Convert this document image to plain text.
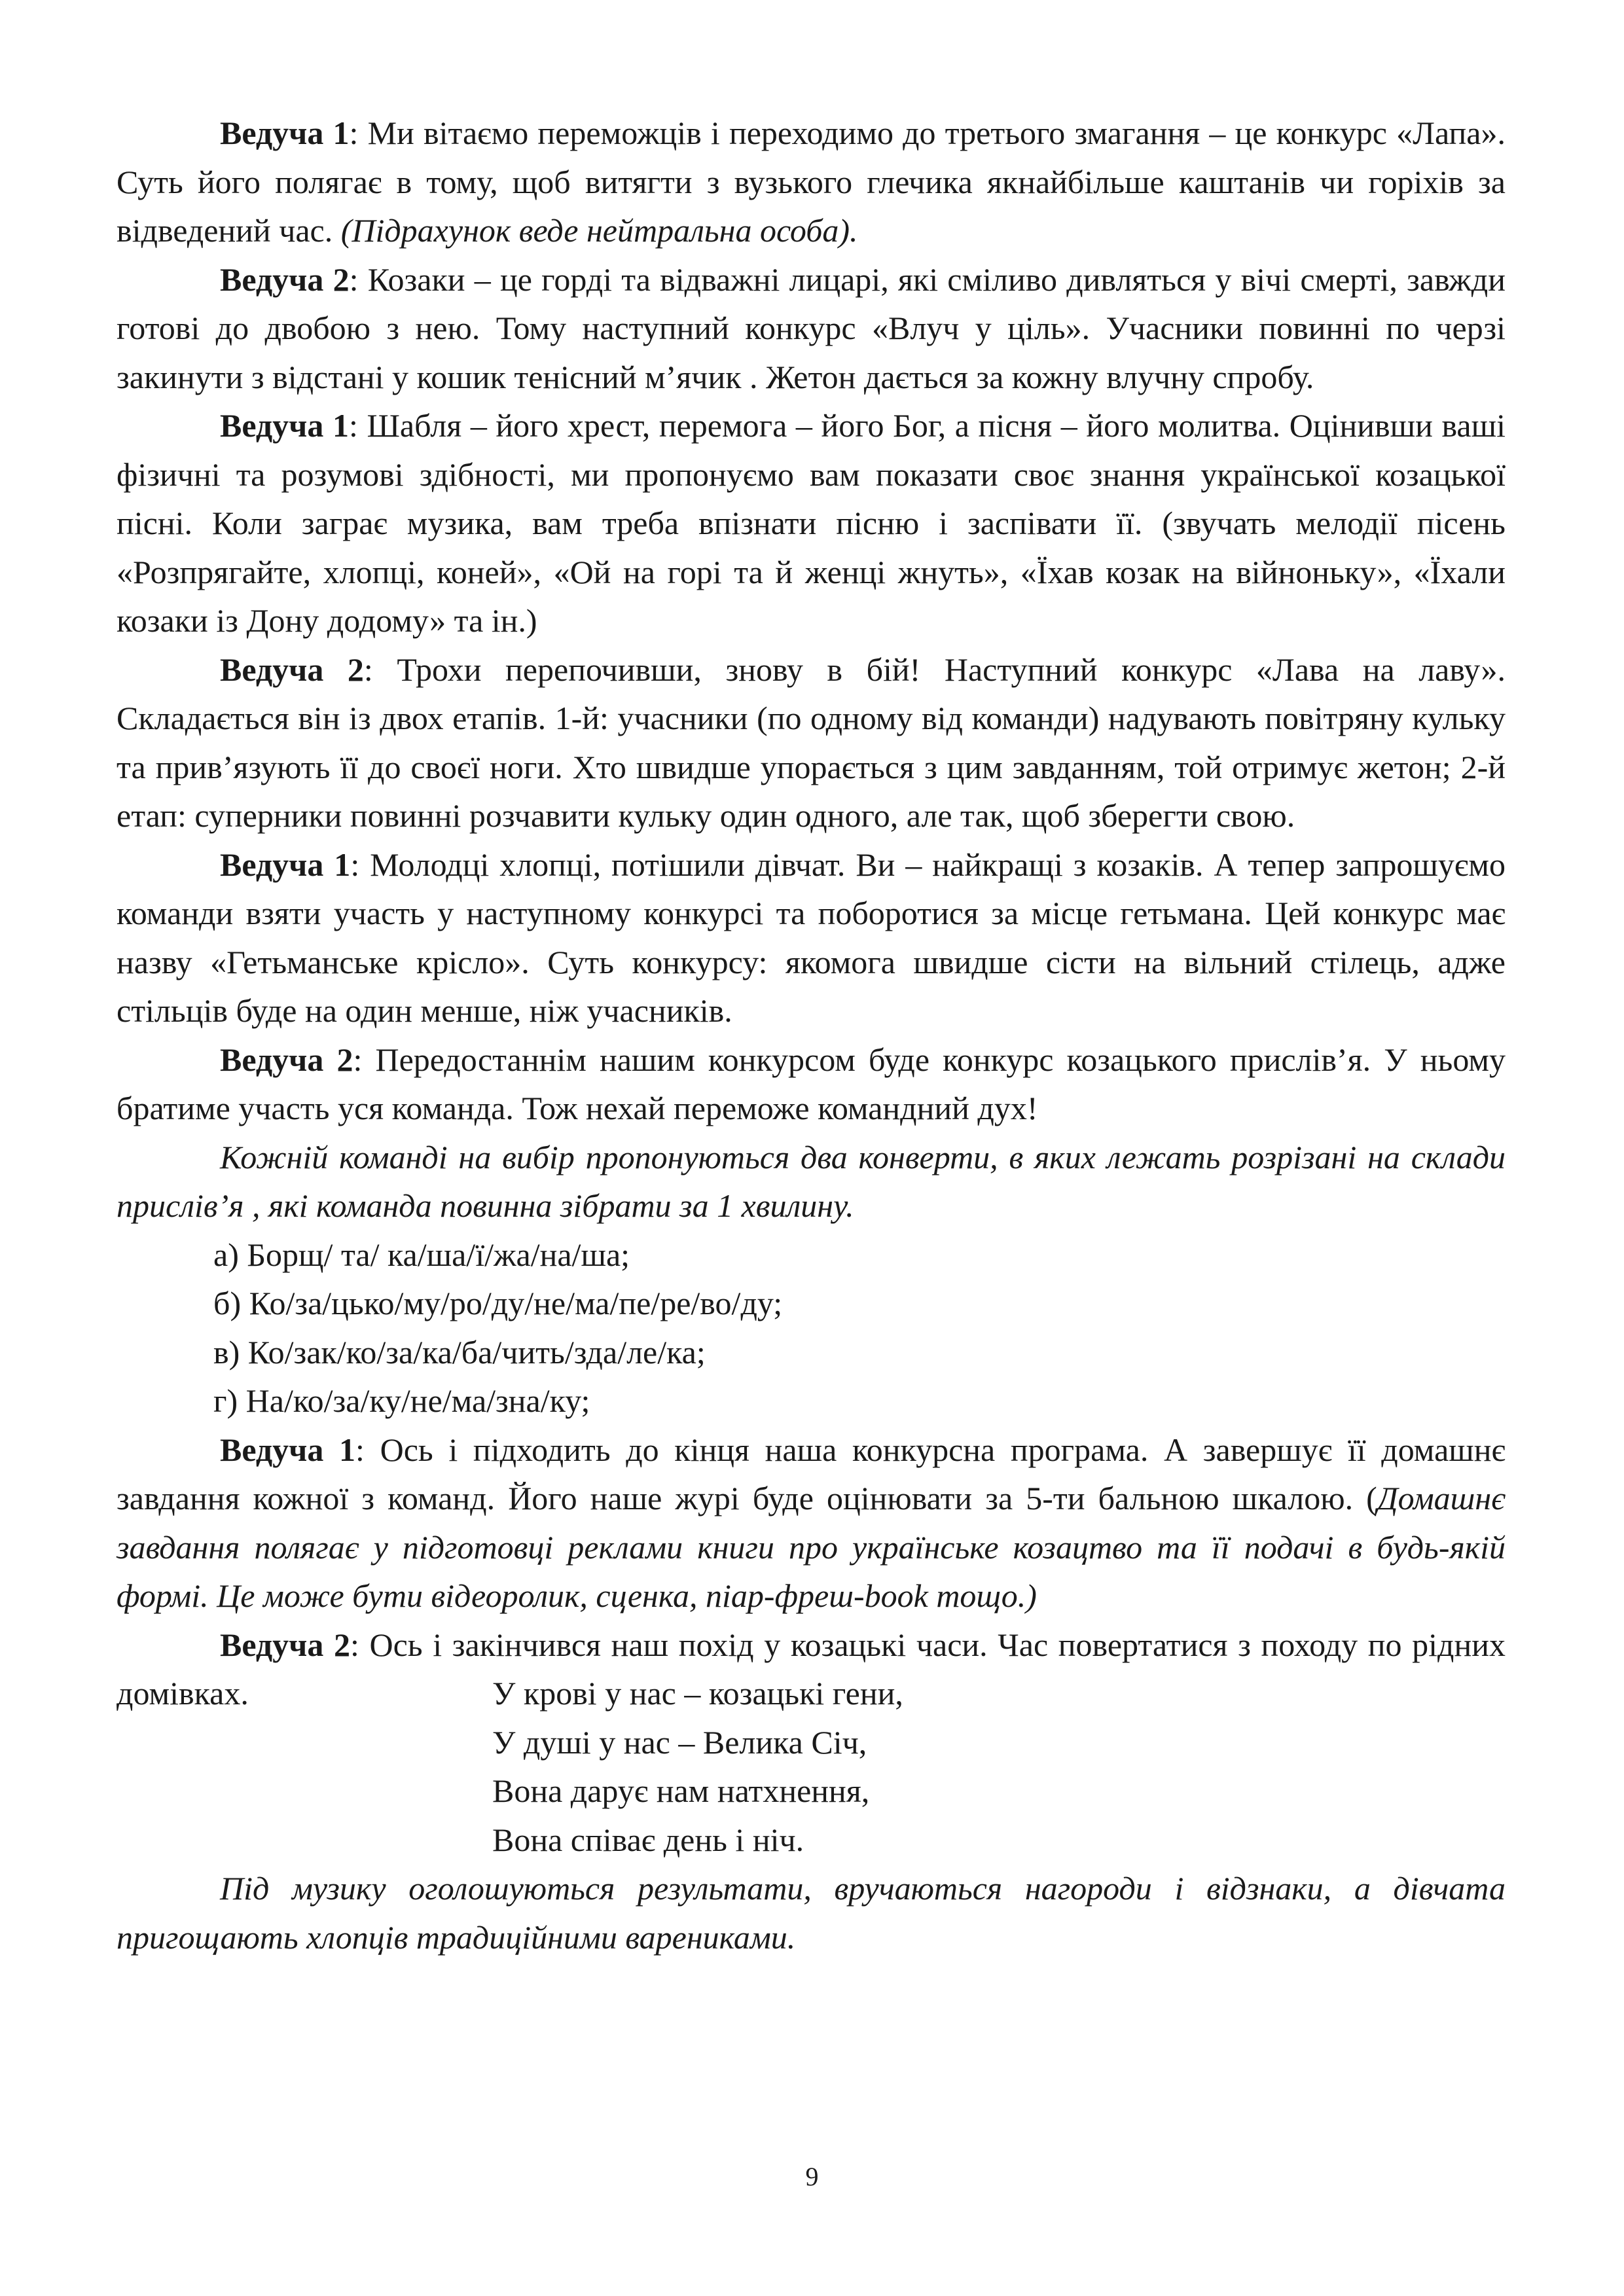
Ведуча 1: Ми вітаємо переможців і переходимо до третього змагання – це конкурс «Лапа». Суть його полягає в тому, щоб витягти з вузького глечика якнайбільше каштанів чи горіхів за відведений час. (Підрахунок веде нейтральна особа).

Ведуча 2: Козаки – це горді та відважні лицарі, які сміливо дивляться у вічі смерті, завжди готові до двобою з нею. Тому наступний конкурс «Влуч у ціль». Учасники повинні по черзі закинути з відстані у кошик тенісний м’ячик . Жетон дається за кожну влучну спробу.

Ведуча 1: Шабля – його хрест, перемога – його Бог, а пісня – його молитва. Оцінивши ваші фізичні та розумові здібності, ми пропонуємо вам показати своє знання української козацької пісні. Коли заграє музика, вам треба впізнати пісню і заспівати її. (звучать мелодії пісень «Розпрягайте, хлопці, коней», «Ой на горі та й женці жнуть», «Їхав козак на війноньку», «Їхали козаки із Дону додому» та ін.)

Ведуча 2: Трохи перепочивши, знову в бій! Наступний конкурс «Лава на лаву». Складається він із двох етапів. 1-й: учасники (по одному від команди) надувають повітряну кульку та прив’язують її до своєї ноги. Хто швидше упорається з цим завданням, той отримує жетон; 2-й етап: суперники повинні розчавити кульку один одного, але так, щоб зберегти свою.

Ведуча 1: Молодці хлопці, потішили дівчат. Ви – найкращі з козаків. А тепер запрошуємо команди взяти участь у наступному конкурсі та поборотися за місце гетьмана. Цей конкурс має назву «Гетьманське крісло». Суть конкурсу: якомога швидше сісти на вільний стілець, адже стільців буде на один менше, ніж учасників.

Ведуча 2: Передостаннім нашим конкурсом буде конкурс козацького прислів’я. У ньому братиме участь уся команда. Тож нехай переможе командний дух!

Кожній команді на вибір пропонуються два конверти, в яких лежать розрізані на склади прислів’я , які команда повинна зібрати за 1 хвилину.

а) Борщ/ та/ ка/ша/ї/жа/на/ша;

б) Ко/за/цько/му/ро/ду/не/ма/пе/ре/во/ду;

в) Ко/зак/ко/за/ка/ба/чить/зда/ле/ка;

г) На/ко/за/ку/не/ма/зна/ку;

Ведуча 1: Ось і підходить до кінця наша конкурсна програма. А завершує її домашнє завдання кожної з команд. Його наше журі буде оцінювати за 5-ти бальною шкалою. (Домашнє завдання полягає у підготовці реклами книги про українське козацтво та її подачі в будь-якій формі. Це може бути відеоролик, сценка, піар-фреш-book тощо.)

Ведуча 2: Ось і закінчився наш похід у козацькі часи. Час повертатися з походу по рідних домівках.	У крові у нас – козацькі гени,

У душі у нас – Велика Січ,

Вона дарує нам натхнення,

Вона співає день і ніч.

Під музику оголошуються результати, вручаються нагороди і відзнаки, а дівчата пригощають хлопців традиційними варениками.

9
